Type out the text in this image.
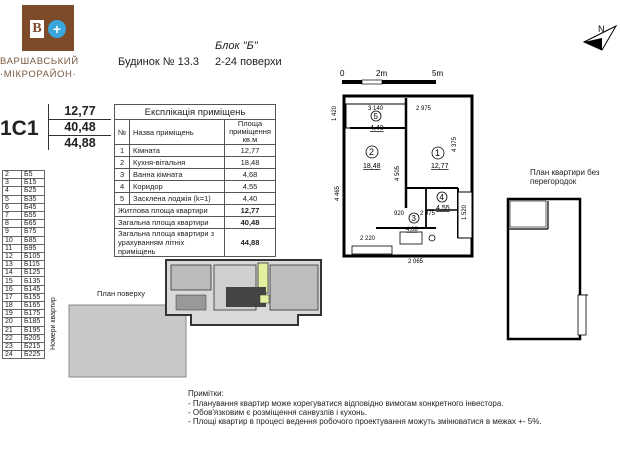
B +
ВАРШАВСЬКИЙ
·МІКРОРАЙОН·
Будинок № 13.3
Блок "Б"
2-24 поверхи
1С1
12,77
40,48
44,88
Експлікація приміщень		
№	Назва приміщень	Площа приміщення кв.м
1	Кімната	12,77
2	Кухня-вітальня	18,48
3	Ванна кімната	4,68
4	Коридор	4,55
5	Засклена лоджія (k=1)	4,40
Житлова площа квартири		12,77
Загальна площа квартири		40,48
Загальна площа квартири з урахуванням літніх приміщень		44,88
2	Б5
3	Б15
4	Б25
5	Б35
6	Б45
7	Б55
8	Б65
9	Б75
10	Б85
11	Б95
12	Б105
13	Б115
14	Б125
15	Б135
16	Б145
17	Б155
18	Б165
19	Б175
20	Б185
21	Б195
22	Б205
23	Б215
24	Б225
Номери квартир
План поверху
0	2m	5m
N
5
4,40
1
12,77
2
18,48
4
4,55
3
4,68
3 140	2 975
1 420
4 375
4 465
4 505
920	2 975	1 520
2 220
2 065
План квартири без перегородок
Примітки:
- Планування квартир може корегуватися відповідно вимогам конкретного інвестора.
- Обов'язковим є розміщення санвузлів і кухонь.
- Площі квартир в процесі ведення робочого проектування можуть змінюватися в межах +- 5%.
